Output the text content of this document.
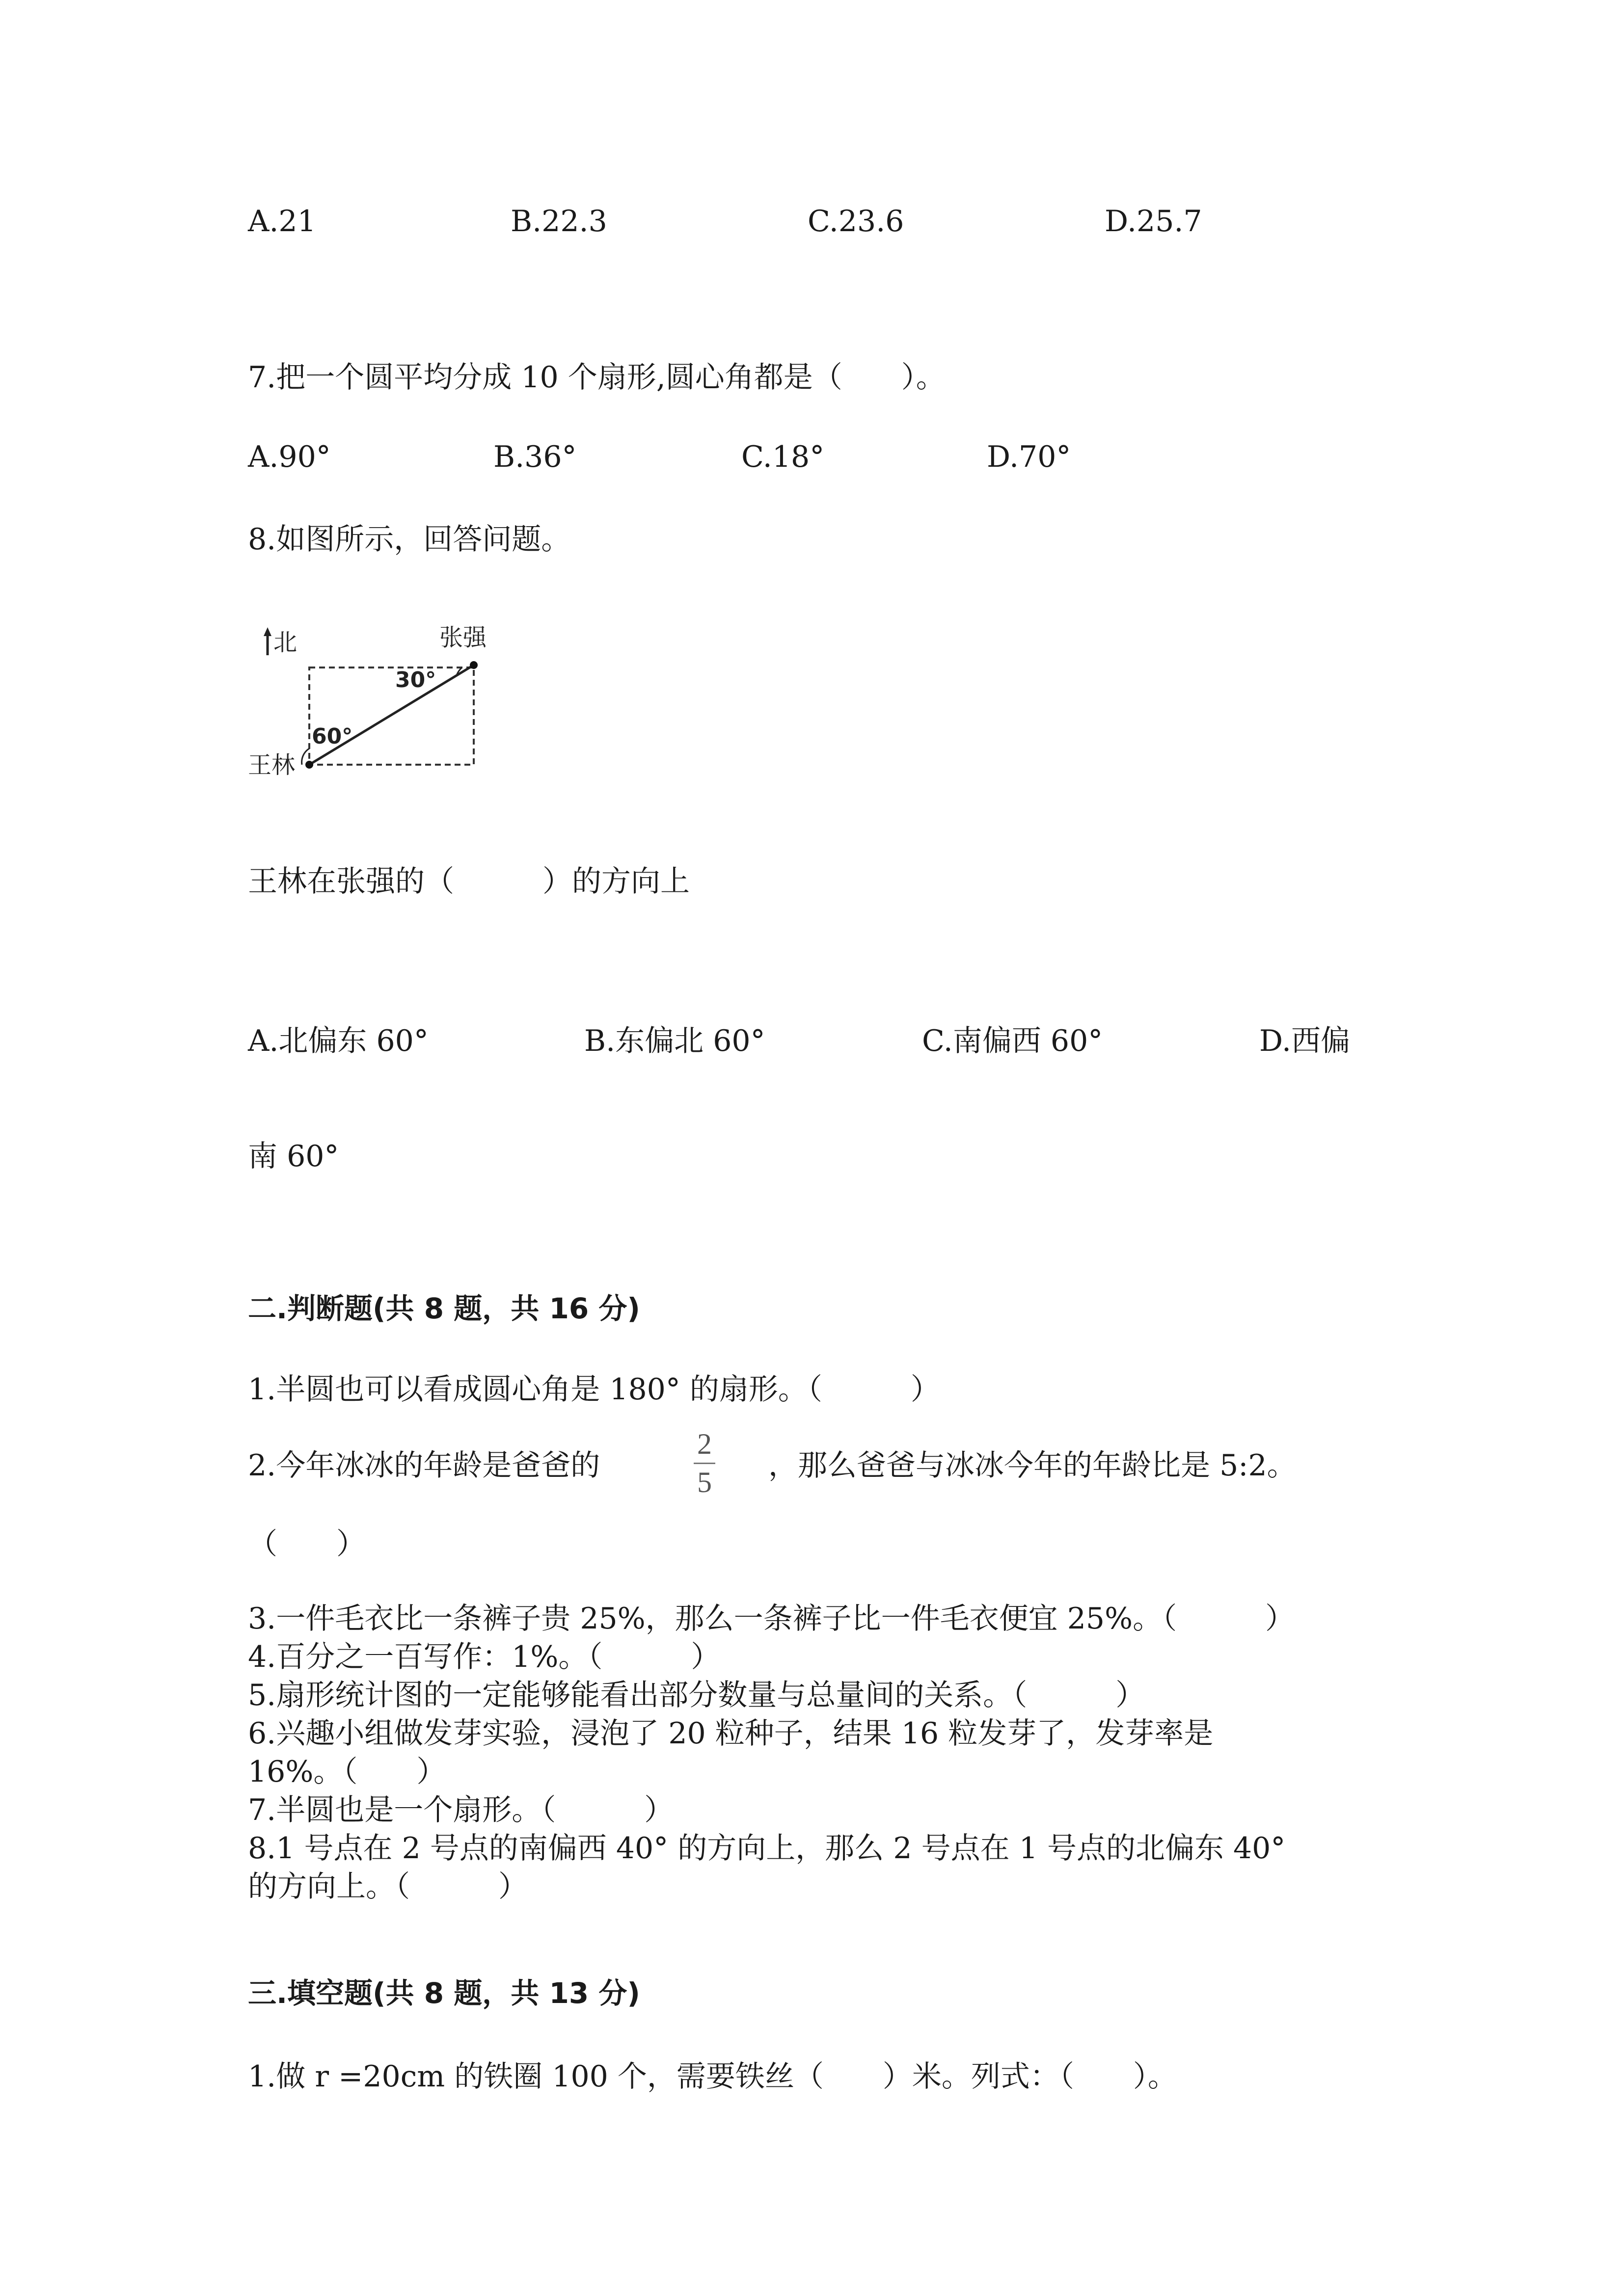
A.21	B.22.3	C.23.6	D.25.7
7.把一个圆平均分成 10 个扇形,圆心角都是（　　）。
A.90°	B.36°	C.18°	D.70°
8.如图所示，回答问题。
北	张强
王林
30°
60°
王林在张强的（　　　）的方向上
A.北偏东 60°	B.东偏北 60°	C.南偏西 60°	D.西偏
南 60°
二.判断题(共 8 题，共 16 分)
1.半圆也可以看成圆心角是 180° 的扇形。（　　　）
2.今年冰冰的年龄是爸爸的
2
5 ，那么爸爸与冰冰今年的年龄比是 5:2。
（　　）
3.一件毛衣比一条裤子贵 25%，那么一条裤子比一件毛衣便宜 25%。（　　　）
4.百分之一百写作：1%。（　　　）
5.扇形统计图的一定能够能看出部分数量与总量间的关系。（　　　）
6.兴趣小组做发芽实验，浸泡了 20 粒种子，结果 16 粒发芽了，发芽率是
16%。（　　）
7.半圆也是一个扇形。（　　　）
8.1 号点在 2 号点的南偏西 40° 的方向上，那么 2 号点在 1 号点的北偏东 40°
的方向上。（　　　）
三.填空题(共 8 题，共 13 分)
1.做 r =20cm 的铁圈 100 个，需要铁丝（　　）米。列式：（　　）。
